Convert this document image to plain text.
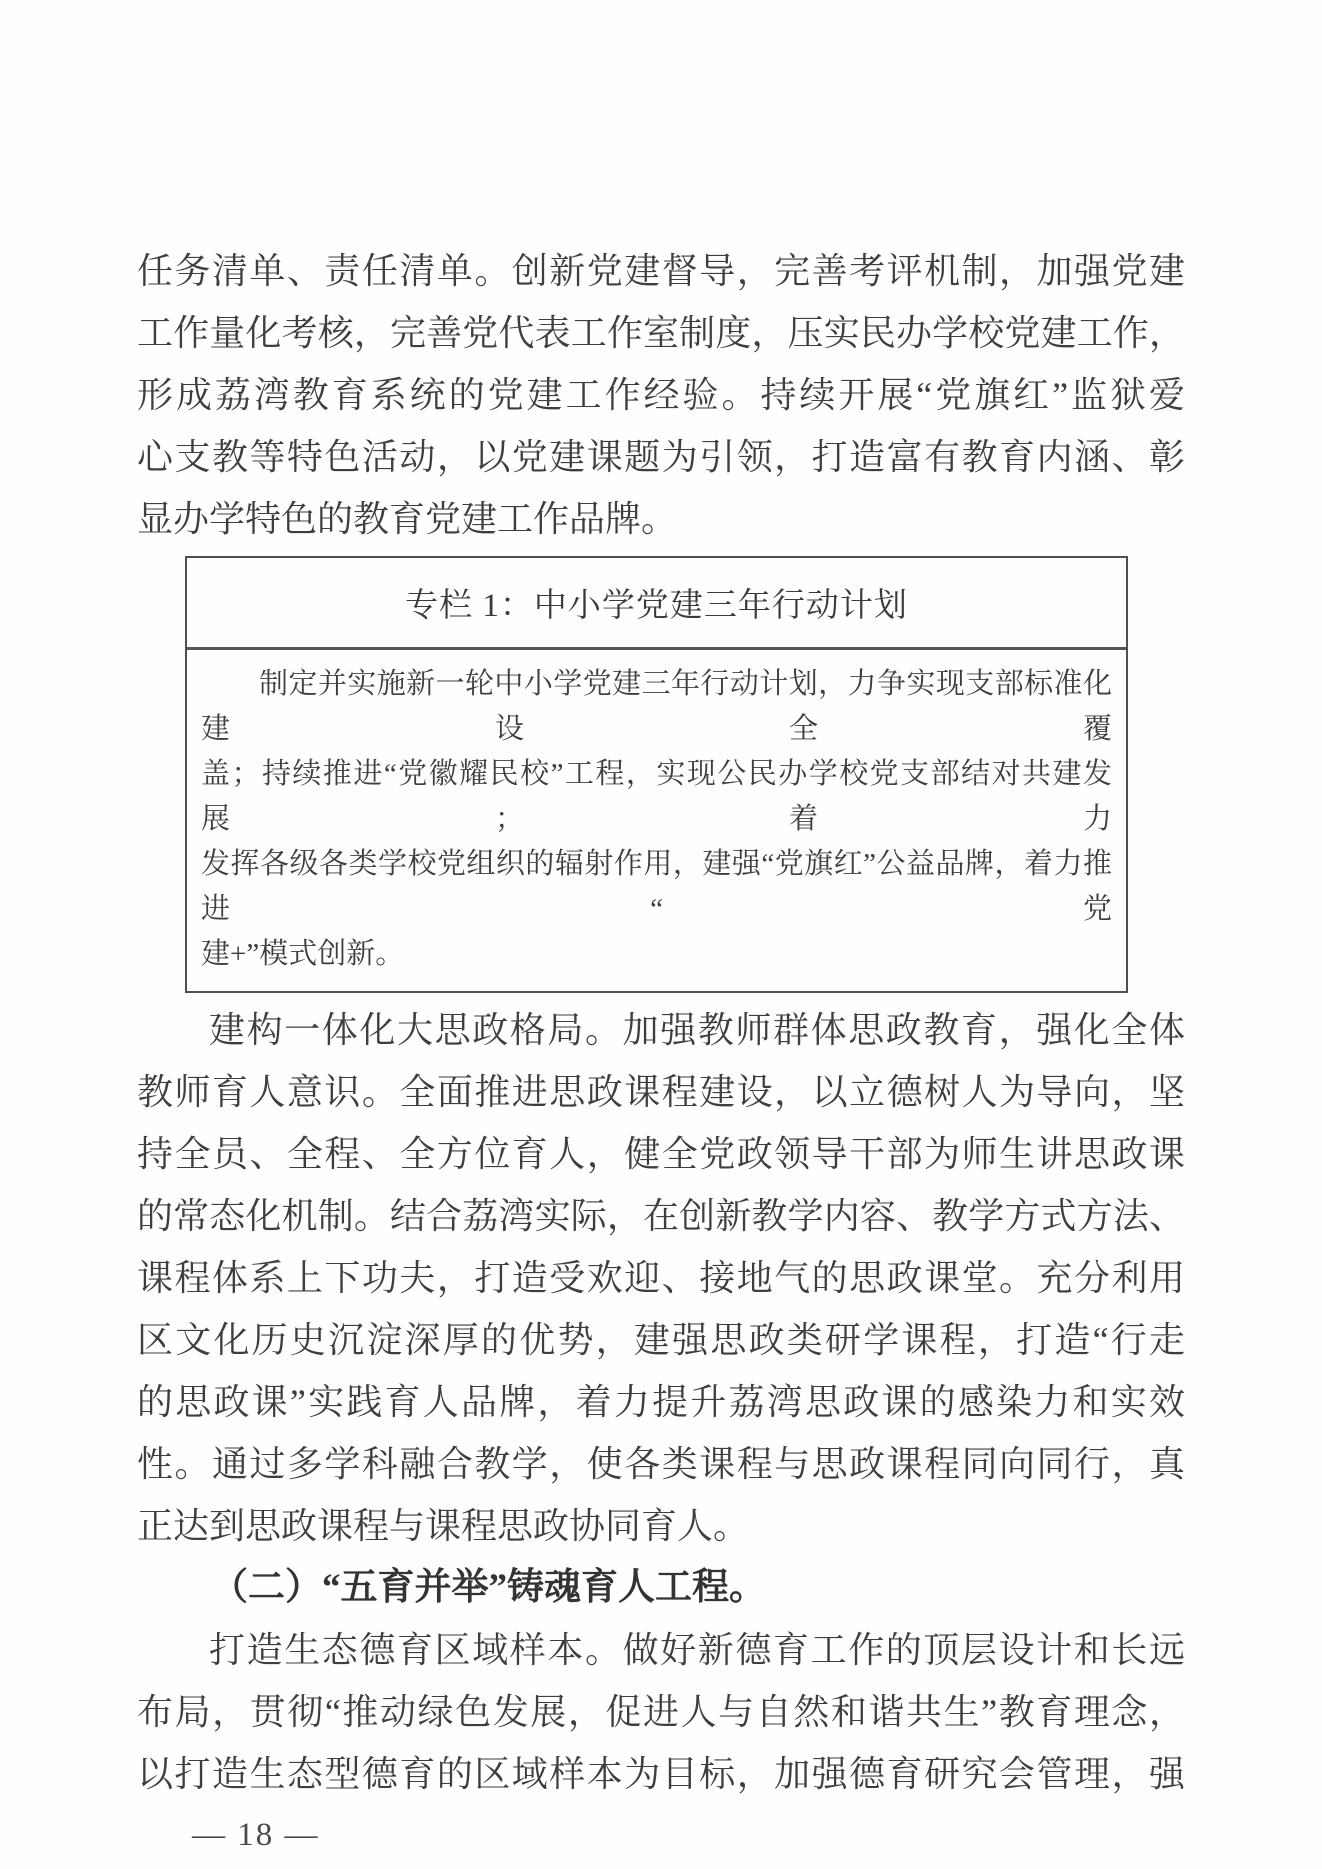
任务清单、责任清单。创新党建督导，完善考评机制，加强党建
工作量化考核，完善党代表工作室制度，压实民办学校党建工作，
形成荔湾教育系统的党建工作经验。持续开展“党旗红”监狱爱
心支教等特色活动，以党建课题为引领，打造富有教育内涵、彰
显办学特色的教育党建工作品牌。
专栏 1：中小学党建三年行动计划
制定并实施新一轮中小学党建三年行动计划，力争实现支部标准化建设全覆
盖；持续推进“党徽耀民校”工程，实现公民办学校党支部结对共建发展；着力
发挥各级各类学校党组织的辐射作用，建强“党旗红”公益品牌，着力推进“党
建+”模式创新。
建构一体化大思政格局。加强教师群体思政教育，强化全体
教师育人意识。全面推进思政课程建设，以立德树人为导向，坚
持全员、全程、全方位育人，健全党政领导干部为师生讲思政课
的常态化机制。结合荔湾实际，在创新教学内容、教学方式方法、
课程体系上下功夫，打造受欢迎、接地气的思政课堂。充分利用
区文化历史沉淀深厚的优势，建强思政类研学课程，打造“行走
的思政课”实践育人品牌，着力提升荔湾思政课的感染力和实效
性。通过多学科融合教学，使各类课程与思政课程同向同行，真
正达到思政课程与课程思政协同育人。
（二）“五育并举”铸魂育人工程。
打造生态德育区域样本。做好新德育工作的顶层设计和长远
布局，贯彻“推动绿色发展，促进人与自然和谐共生”教育理念，
以打造生态型德育的区域样本为目标，加强德育研究会管理，强
— 18 —
